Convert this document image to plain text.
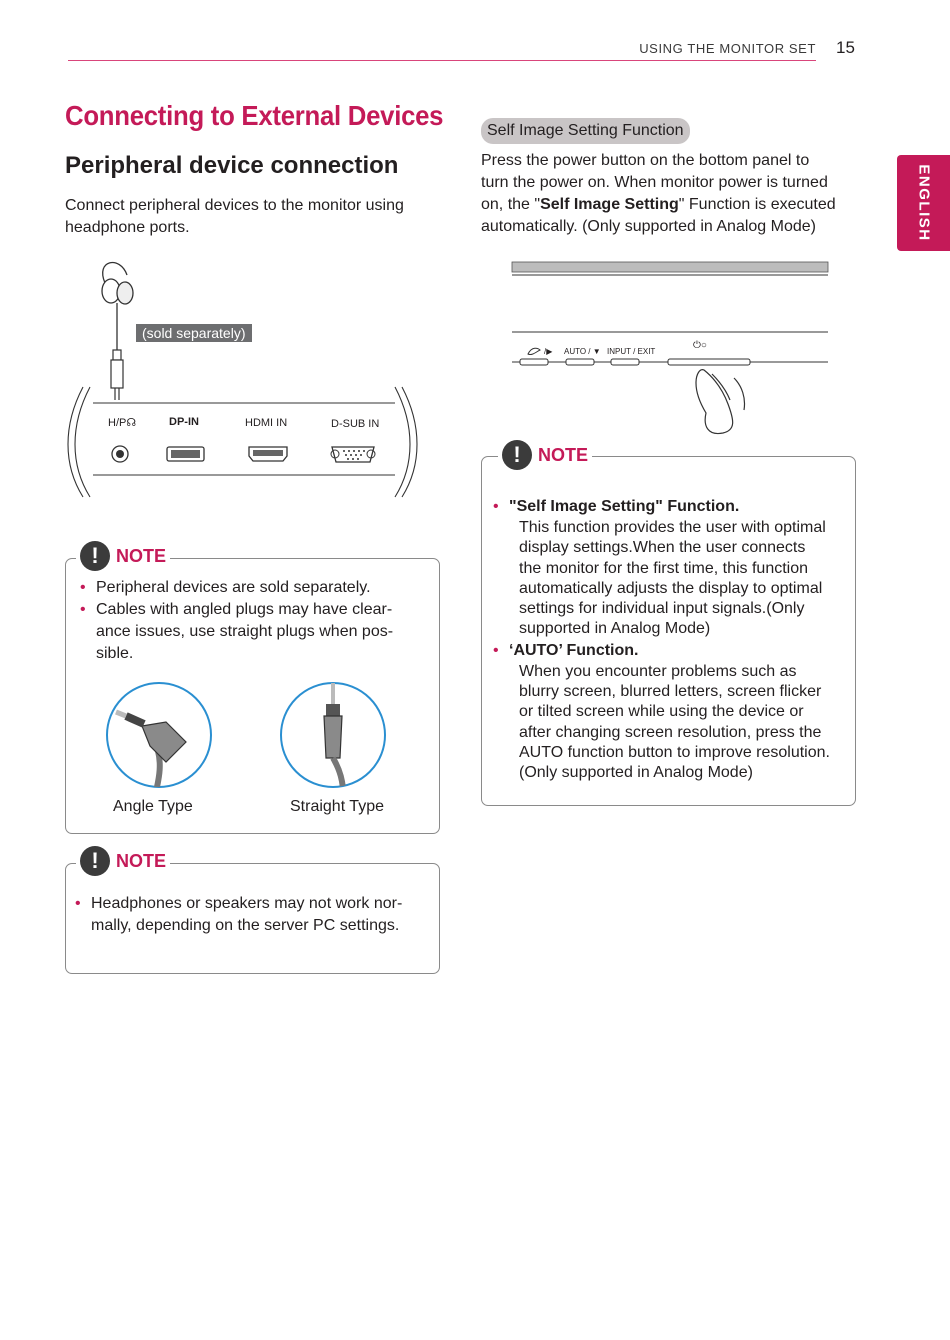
USING THE MONITOR SET 15
ENGLISH
Connecting to External Devices
Peripheral device connection
Connect peripheral devices to the monitor using
headphone ports.
(sold separately)
H/P☊	DP-IN	HDMI IN	D-SUB IN
! NOTE
• Peripheral devices are sold separately.
• Cables with angled plugs may have clear-
ance issues, use straight plugs when pos-
sible.
Angle Type	Straight Type
! NOTE
• Headphones or speakers may not work nor-
mally, depending on the server PC settings.
Self Image Setting Function
Press the power button on the bottom panel to
turn the power on. When monitor power is turned
on, the "Self Image Setting" Function is executed
automatically. (Only supported in Analog Mode)
/▶ AUTO / ▼ INPUT / EXIT
⏻○
! NOTE
• "Self Image Setting" Function.
This function provides the user with optimal
display settings.When the user connects
the monitor for the first time, this function
automatically adjusts the display to optimal
settings for individual input signals.(Only
supported in Analog Mode)
• ‘AUTO’ Function.
When you encounter problems such as
blurry screen, blurred letters, screen flicker
or tilted screen while using the device or
after changing screen resolution, press the
AUTO function button to improve resolution.
(Only supported in Analog Mode)
